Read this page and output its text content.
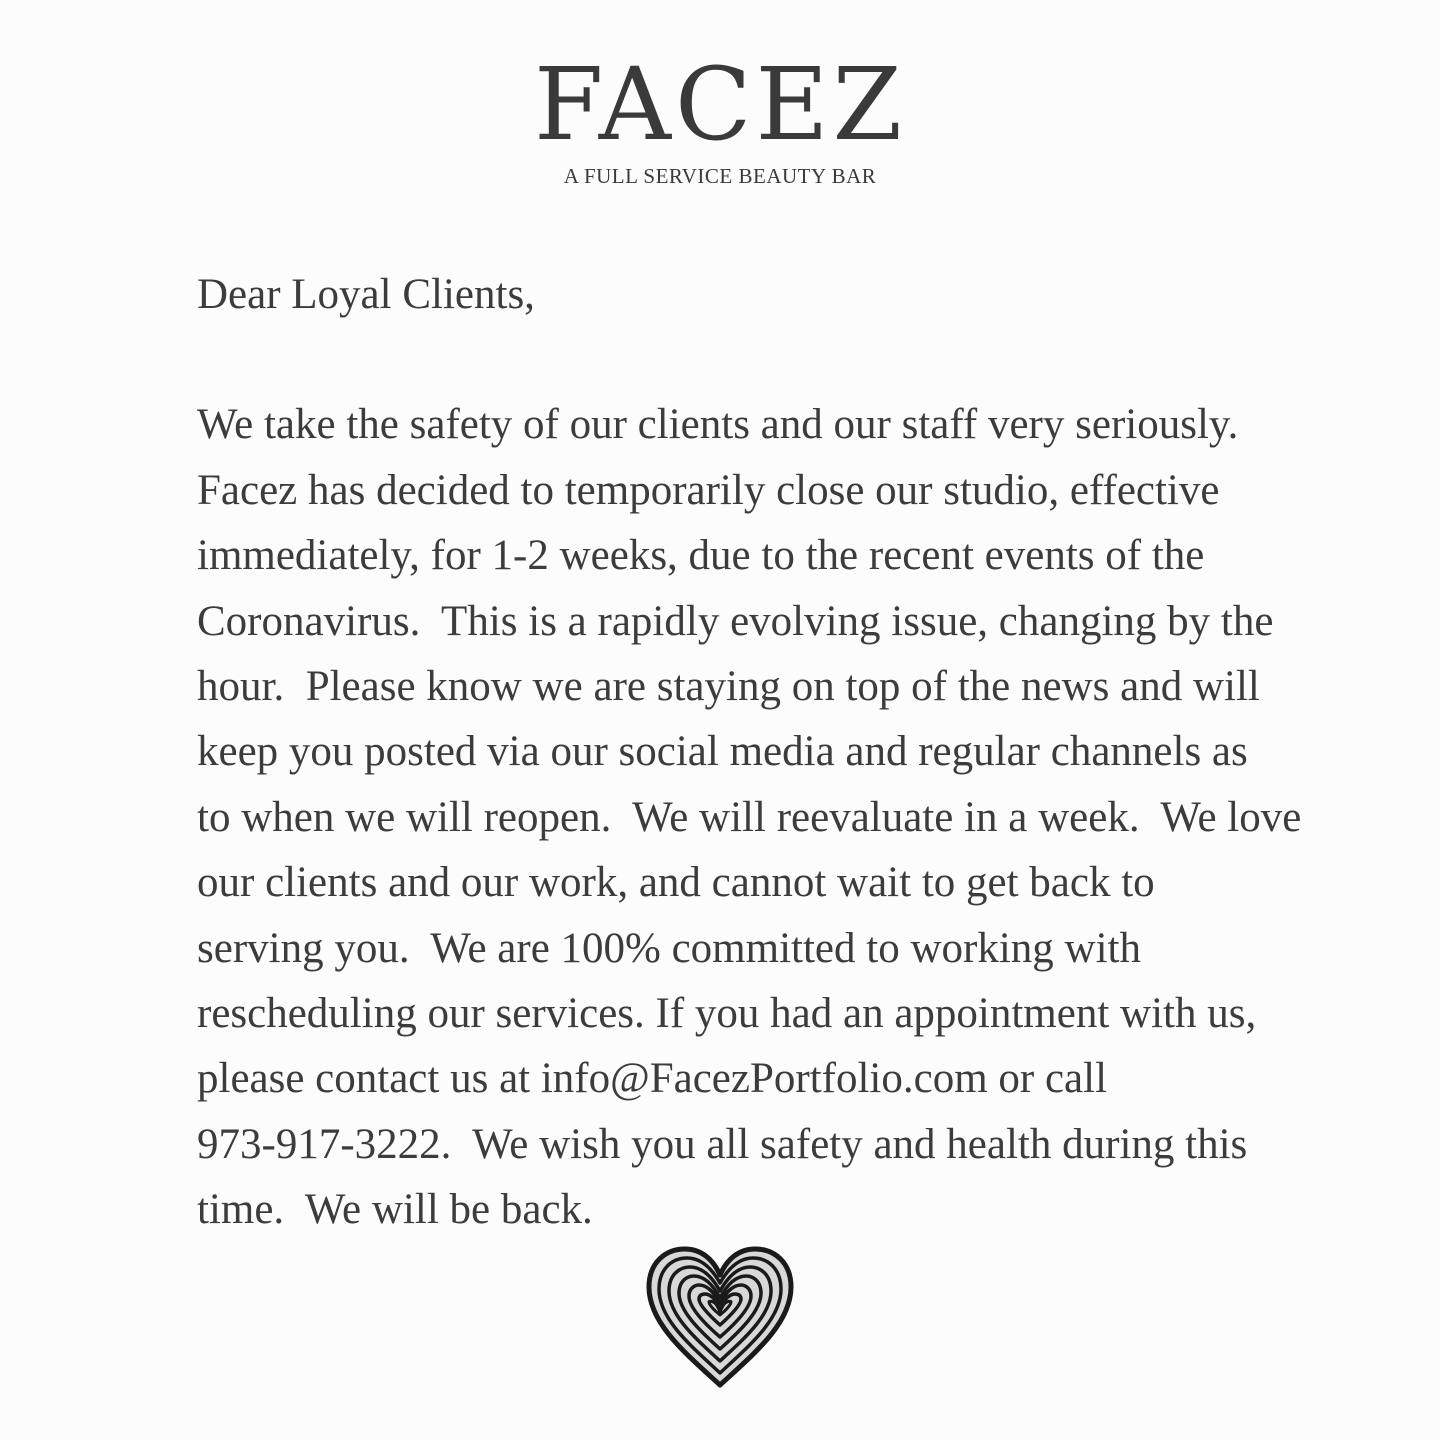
FACEZ
A FULL SERVICE BEAUTY BAR

Dear Loyal Clients,

We take the safety of our clients and our staff very seriously.
Facez has decided to temporarily close our studio, effective
immediately, for 1-2 weeks, due to the recent events of the
Coronavirus.  This is a rapidly evolving issue, changing by the
hour.  Please know we are staying on top of the news and will
keep you posted via our social media and regular channels as
to when we will reopen.  We will reevaluate in a week.  We love
our clients and our work, and cannot wait to get back to
serving you.  We are 100% committed to working with
rescheduling our services. If you had an appointment with us,
please contact us at info@FacezPortfolio.com or call
973-917-3222.  We wish you all safety and health during this
time.  We will be back.
